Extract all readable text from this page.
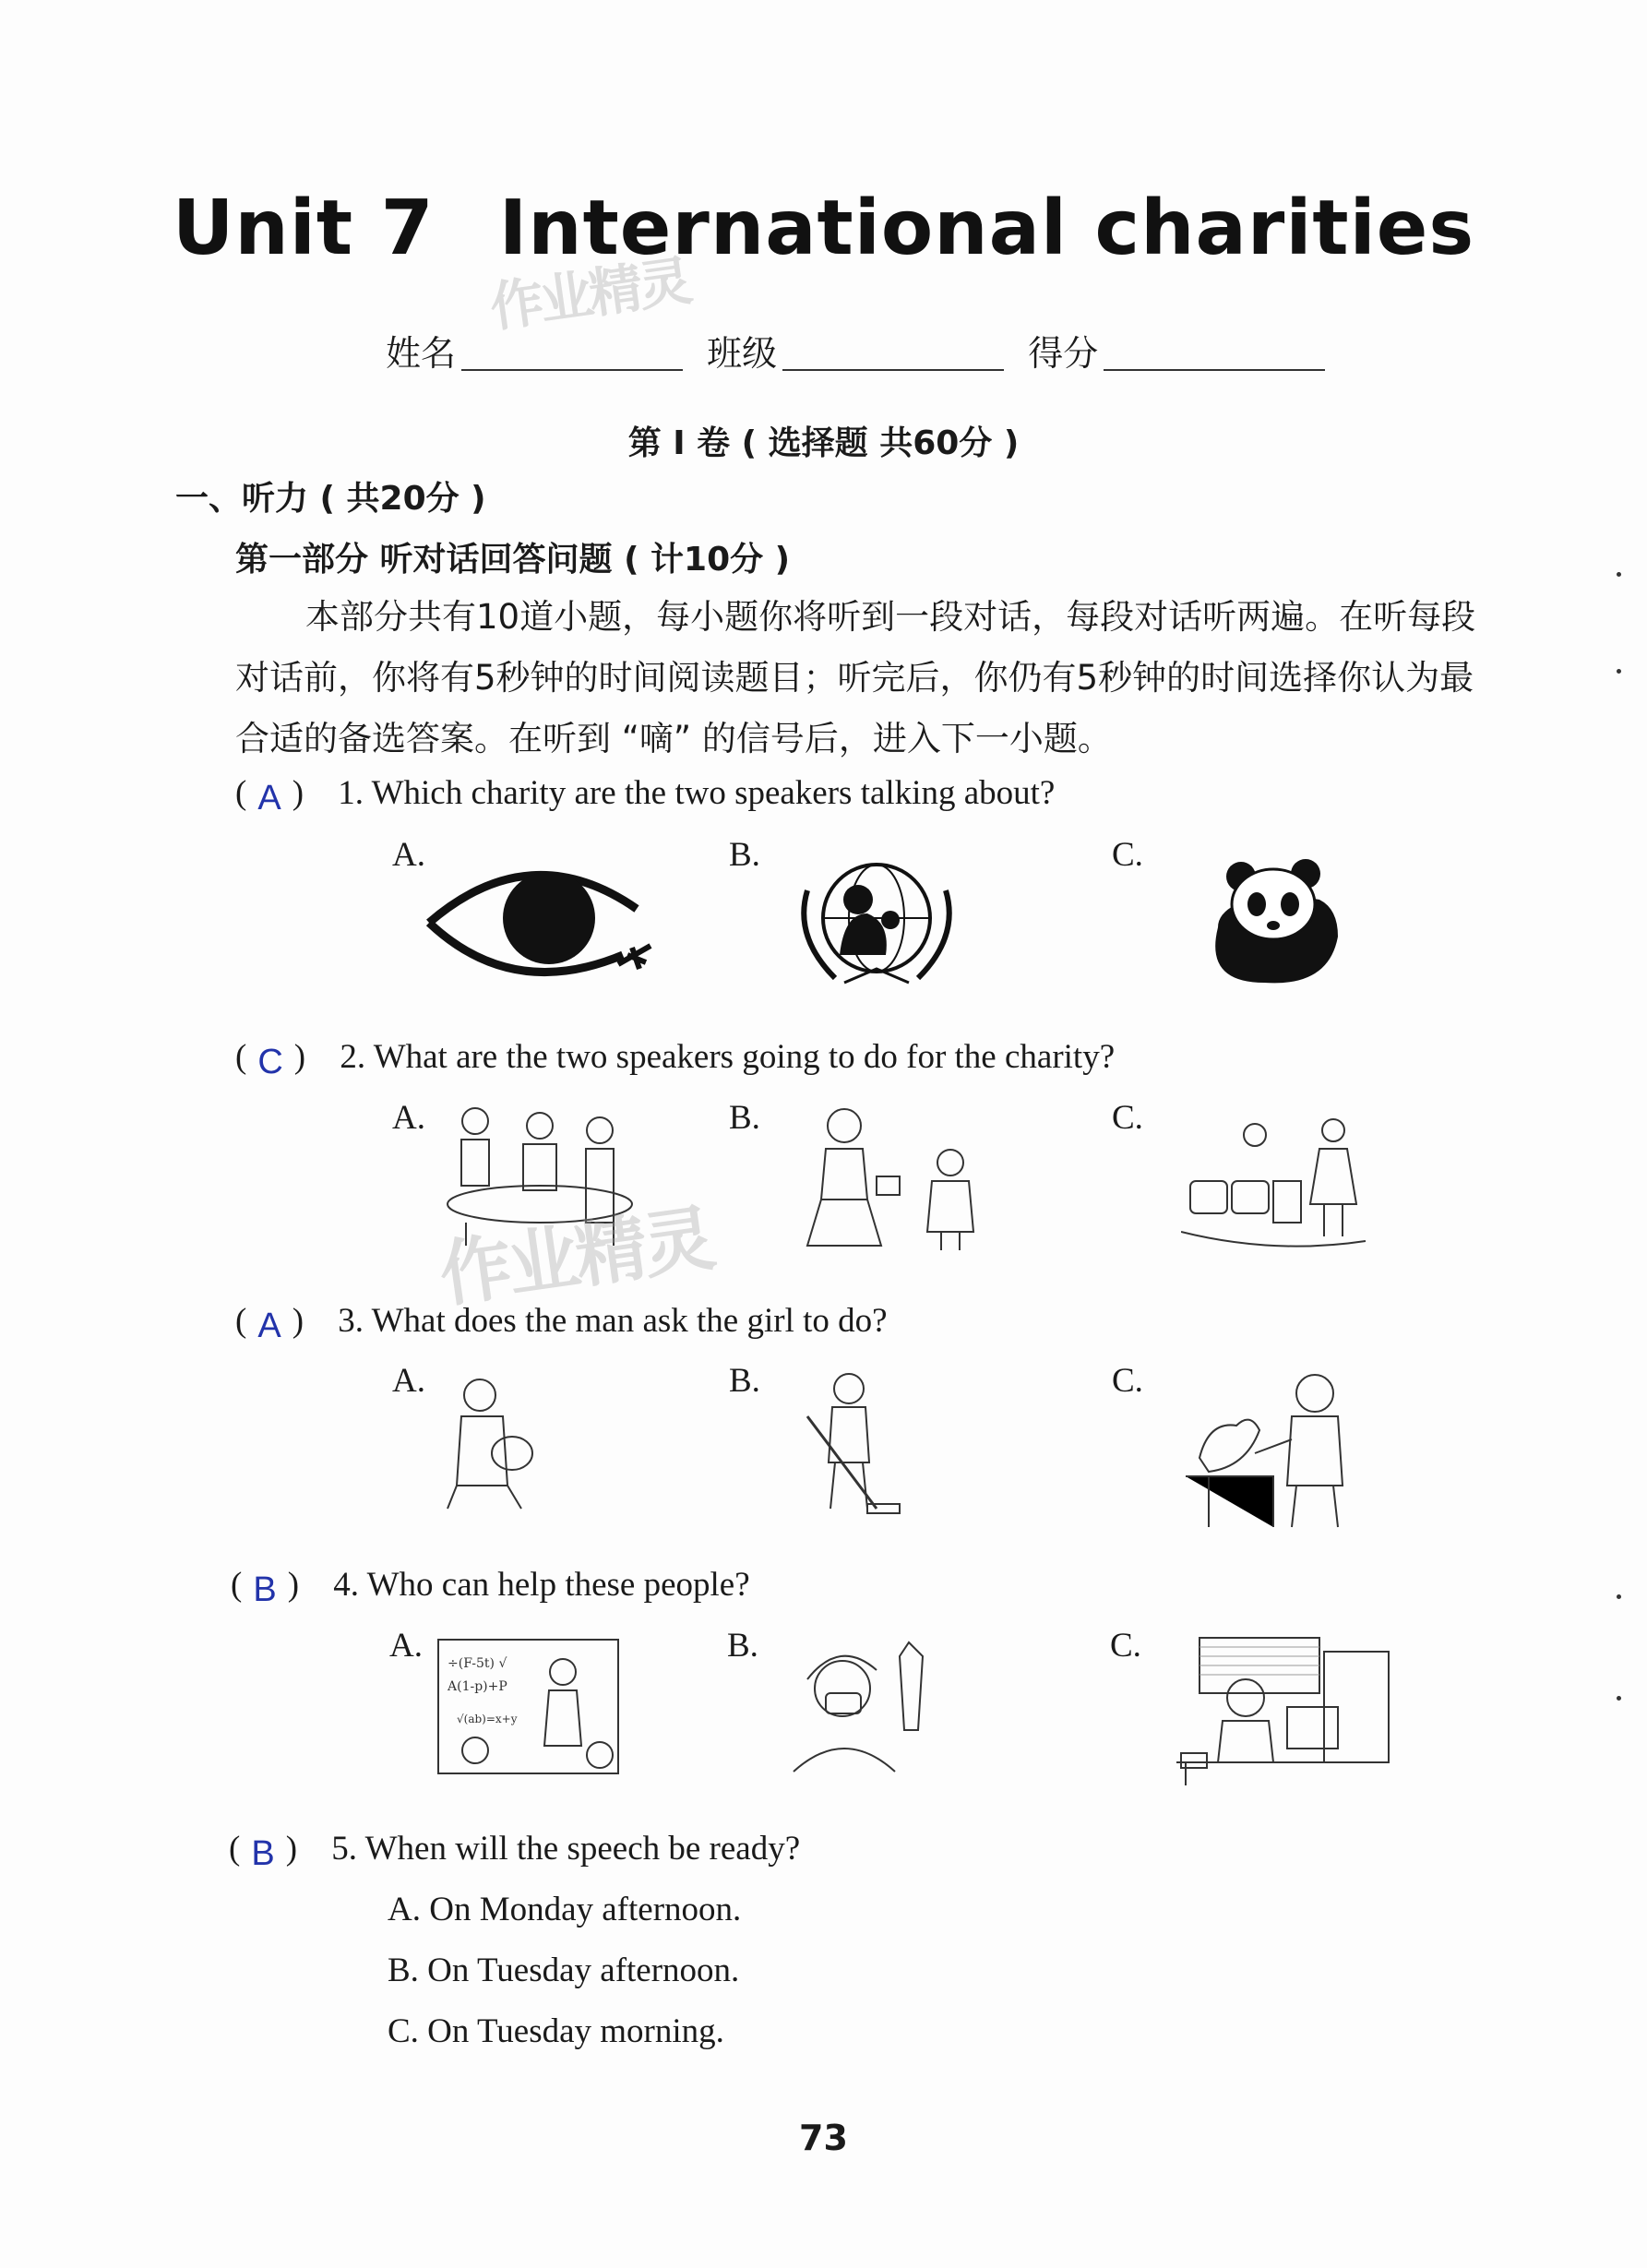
Unit 7 International charities
作业精灵
姓名	班级	得分
第 I 卷 ( 选择题 共60分 )
一、听力 ( 共20分 )
第一部分 听对话回答问题 ( 计10分 )
本部分共有10道小题，每小题你将听到一段对话，每段对话听两遍。在听每段对话前，你将有5秒钟的时间阅读题目；听完后，你仍有5秒钟的时间选择你认为最合适的备选答案。在听到 “嘀” 的信号后，进入下一小题。
( A ) 1. Which charity are the two speakers talking about?
A.	B.	C.
( C ) 2. What are the two speakers going to do for the charity?
A.	B.	C.
作业精灵
( A ) 3. What does the man ask the girl to do?
A.	B.	C.
( B ) 4. Who can help these people?
A.	B.	C.
÷(F-5t) √
A(1-p)+P
√(ab)=x+y
( B ) 5. When will the speech be ready?
A. On Monday afternoon.
B. On Tuesday afternoon.
C. On Tuesday morning.
73
